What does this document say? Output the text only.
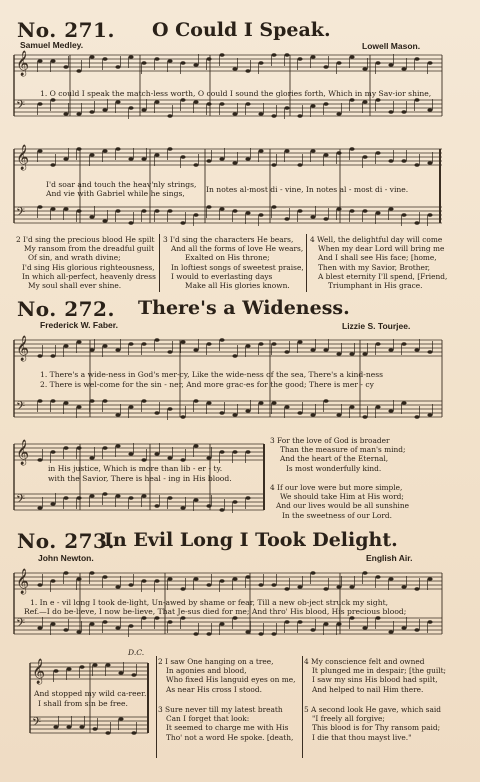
No. 271. O Could I Speak.
Samuel Medley.	Lowell Mason.
𝄞
𝄢
𝄞
𝄢
𝄞
𝄢
𝄞
𝄢
𝄞
𝄢
𝄞
𝄢
1. O could I speak the match-less worth, O could I sound the glories forth, Which in my Sav-ior shine,
I'd soar and touch the heav'nly strings,
And vie with Gabriel while he sings,	In notes al-most di - vine, In notes al - most di - vine.
2 I'd sing the precious blood He spilt
My ransom from the dreadful guilt
Of sin, and wrath divine;
I'd sing His glorious righteousness,
In which all-perfect, heavenly dress
My soul shall ever shine.
3 I'd sing the characters He bears,
And all the forms of love He wears,
Exalted on His throne;
In loftiest songs of sweetest praise,
I would to everlasting days
Make all His glories known.
4 Well, the delightful day will come
When my dear Lord will bring me
And I shall see His face; [home,
Then with my Savior, Brother,
A blest eternity I'll spend, [Friend,
Triumphant in His grace.
No. 272. There's a Wideness.
Frederick W. Faber.	Lizzie S. Tourjee.
1. There's a wide-ness in God's mer-cy, Like the wide-ness of the sea, There's a kind-ness
2. There is wel-come for the sin - ner, And more grac-es for the good; There is mer - cy
in His justice, Which is more than lib - er - ty.
with the Savior, There is heal - ing in His blood.
3 For the love of God is broader
Than the measure of man's mind;
And the heart of the Eternal,
Is most wonderfully kind.
4 If our love were but more simple,
We should take Him at His word;
And our lives would be all sunshine
In the sweetness of our Lord.
No. 273.
In Evil Long I Took Delight.
John Newton.	English Air.
1. In e - vil long I took de-light, Un-awed by shame or fear, Till a new ob-ject struck my sight,
Ref.—I do be-lieve, I now be-lieve, That Je-sus died for me; And thro' His blood, His precious blood;
D.C.
And stopped my wild ca-reer.
I shall from sin be free.
2 I saw One hanging on a tree,
In agonies and blood,
Who fixed His languid eyes on me,
As near His cross I stood.
3 Sure never till my latest breath
Can I forget that look:
It seemed to charge me with His
Tho' not a word He spoke. [death,
4 My conscience felt and owned
It plunged me in despair; [the guilt;
I saw my sins His blood had spilt,
And helped to nail Him there.
5 A second look He gave, which said
"I freely all forgive;
This blood is for Thy ransom paid;
I die that thou mayst live."
